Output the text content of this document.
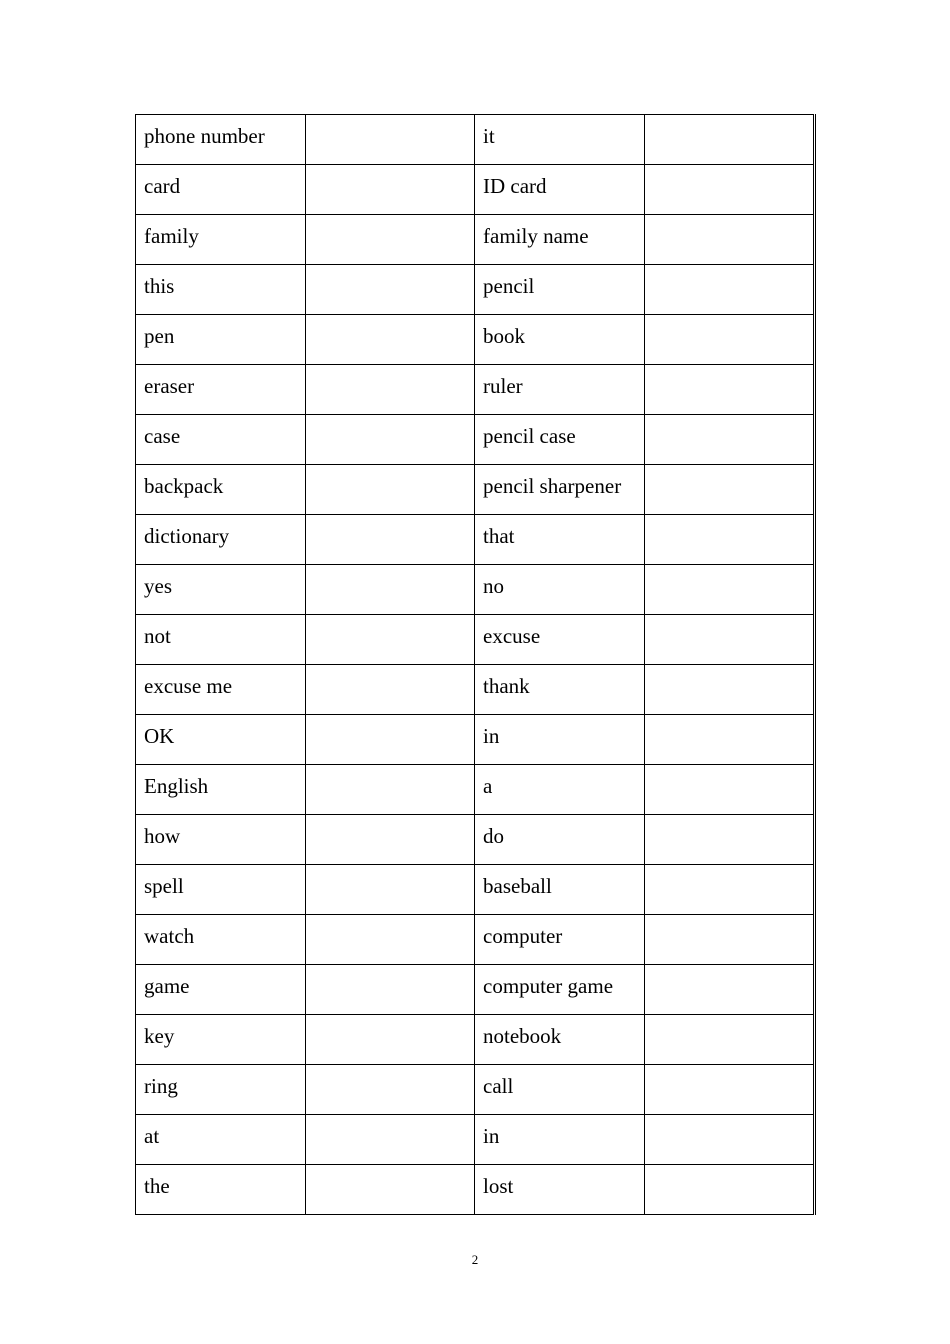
phone number		it	

card		ID card	

family		family name	

this		pencil	

pen		book	

eraser		ruler	

case		pencil case	

backpack		pencil sharpener	

dictionary		that	

yes		no	

not		excuse	

excuse me		thank	

OK		in	

English		a	

how		do	

spell		baseball	

watch		computer	

game		computer game	

key		notebook	

ring		call	

at		in	

the		lost	

2
